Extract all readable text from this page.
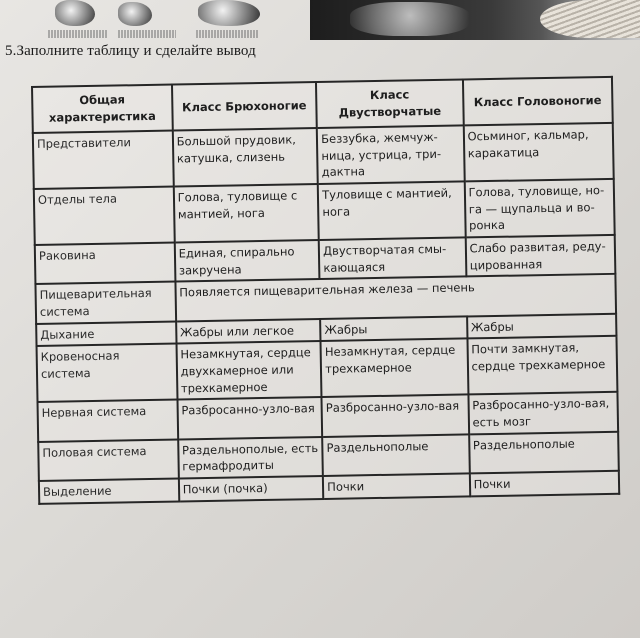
5.Заполните таблицу и сделайте вывод
Общая характеристика	Класс Брюхоногие	Класс Двустворчатые	Класс Головоногие
Представители	Большой прудовик, катушка, слизень	Беззубка, жемчуж-ница, устрица, три-дактна	Осьминог, кальмар, каракатица
Отделы тела	Голова, туловище с мантией, нога	Туловище с мантией, нога	Голова, туловище, но-га — щупальца и во-ронка
Раковина	Единая, спирально закручена	Двустворчатая смы-кающаяся	Слабо развитая, реду-цированная
Пищеварительная система	Появляется пищеварительная железа — печень		
Дыхание	Жабры или легкое	Жабры	Жабры
Кровеносная система	Незамкнутая, сердце двухкамерное или трехкамерное	Незамкнутая, сердце трехкамерное	Почти замкнутая, сердце трехкамерное
Нервная система	Разбросанно-узло-вая	Разбросанно-узло-вая	Разбросанно-узло-вая, есть мозг
Половая система	Раздельнополые, есть гермафродиты	Раздельнополые	Раздельнополые
Выделение	Почки (почка)	Почки	Почки
